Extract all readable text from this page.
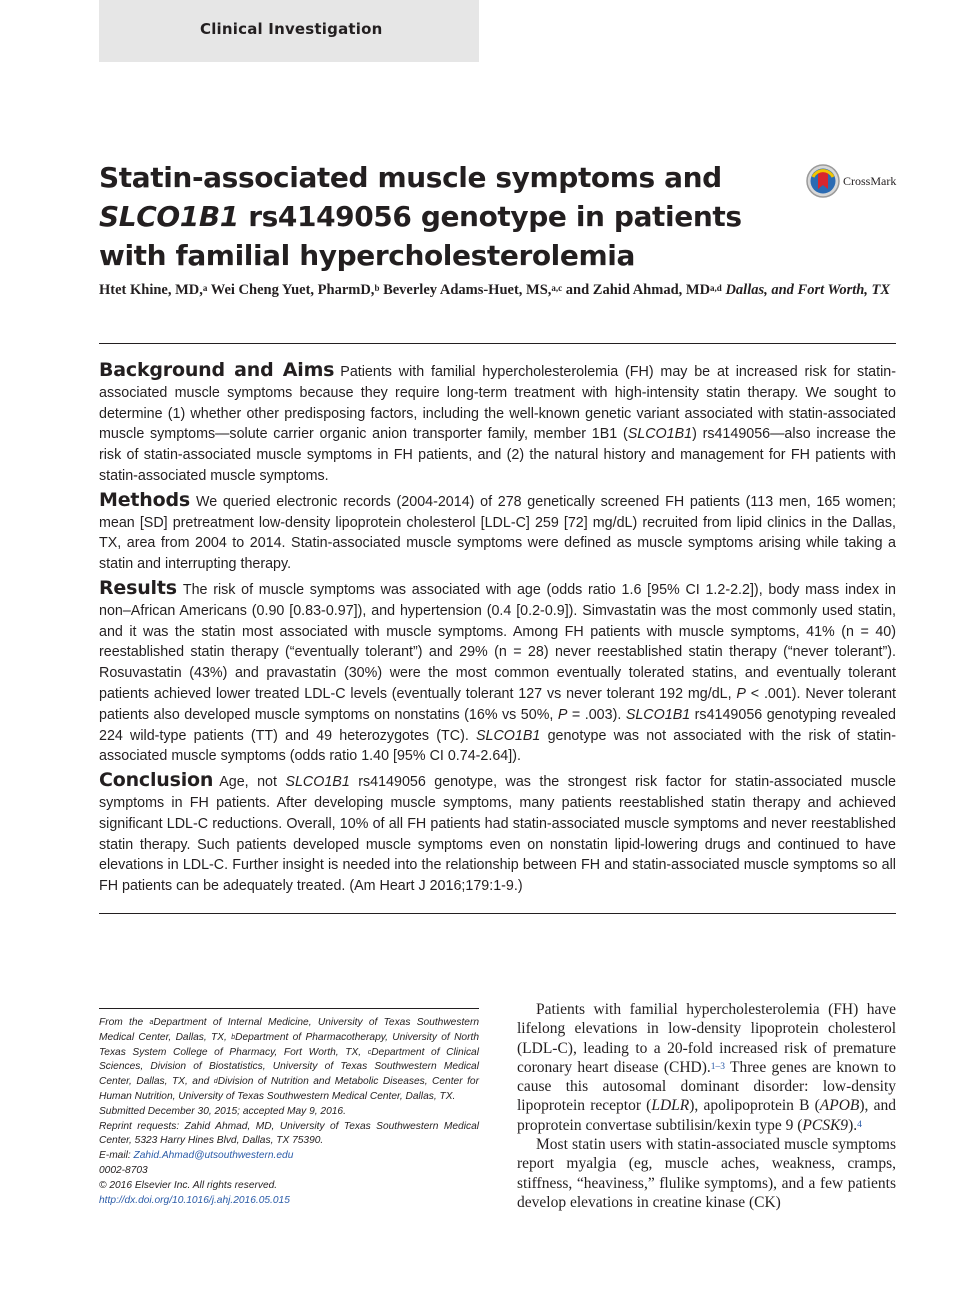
Clinical Investigation
Statin-associated muscle symptoms and SLCO1B1 rs4149056 genotype in patients with familial hypercholesterolemia
CrossMark
Htet Khine, MD,$^a$ Wei Cheng Yuet, PharmD,$^b$ Beverley Adams-Huet, MS,$^{a,c}$ and Zahid Ahmad, MD$^{a,d}$ Dallas, and Fort Worth, TX

Background and Aims Patients with familial hypercholesterolemia (FH) may be at increased risk for statin-associated muscle symptoms because they require long-term treatment with high-intensity statin therapy. We sought to determine (1) whether other predisposing factors, including the well-known genetic variant associated with statin-associated muscle symptoms—solute carrier organic anion transporter family, member 1B1 (SLCO1B1) rs4149056—also increase the risk of statin-associated muscle symptoms in FH patients, and (2) the natural history and management for FH patients with statin-associated muscle symptoms.

Methods We queried electronic records (2004-2014) of 278 genetically screened FH patients (113 men, 165 women; mean [SD] pretreatment low-density lipoprotein cholesterol [LDL-C] 259 [72] mg/dL) recruited from lipid clinics in the Dallas, TX, area from 2004 to 2014. Statin-associated muscle symptoms were defined as muscle symptoms arising while taking a statin and interrupting therapy.

Results The risk of muscle symptoms was associated with age (odds ratio 1.6 [95% CI 1.2-2.2]), body mass index in non–African Americans (0.90 [0.83-0.97]), and hypertension (0.4 [0.2-0.9]). Simvastatin was the most commonly used statin, and it was the statin most associated with muscle symptoms. Among FH patients with muscle symptoms, 41% (n = 40) reestablished statin therapy (“eventually tolerant”) and 29% (n = 28) never reestablished statin therapy (“never tolerant”). Rosuvastatin (43%) and pravastatin (30%) were the most common eventually tolerated statins, and eventually tolerant patients achieved lower treated LDL-C levels (eventually tolerant 127 vs never tolerant 192 mg/dL, P < .001). Never tolerant patients also developed muscle symptoms on nonstatins (16% vs 50%, P = .003). SLCO1B1 rs4149056 genotyping revealed 224 wild-type patients (TT) and 49 heterozygotes (TC). SLCO1B1 genotype was not associated with the risk of statin-associated muscle symptoms (odds ratio 1.40 [95% CI 0.74-2.64]).

Conclusion Age, not SLCO1B1 rs4149056 genotype, was the strongest risk factor for statin-associated muscle symptoms in FH patients. After developing muscle symptoms, many patients reestablished statin therapy and achieved significant LDL-C reductions. Overall, 10% of all FH patients had statin-associated muscle symptoms and never reestablished statin therapy. Such patients developed muscle symptoms even on nonstatin lipid-lowering drugs and continued to have elevations in LDL-C. Further insight is needed into the relationship between FH and statin-associated muscle symptoms so all FH patients can be adequately treated. (Am Heart J 2016;179:1-9.)

From the $^a$Department of Internal Medicine, University of Texas Southwestern Medical Center, Dallas, TX, $^b$Department of Pharmacotherapy, University of North Texas System College of Pharmacy, Fort Worth, TX, $^c$Department of Clinical Sciences, Division of Biostatistics, University of Texas Southwestern Medical Center, Dallas, TX, and $^d$Division of Nutrition and Metabolic Diseases, Center for Human Nutrition, University of Texas Southwestern Medical Center, Dallas, TX.

Submitted December 30, 2015; accepted May 9, 2016.

Reprint requests: Zahid Ahmad, MD, University of Texas Southwestern Medical Center, 5323 Harry Hines Blvd, Dallas, TX 75390.

E-mail: Zahid.Ahmad@utsouthwestern.edu

0002-8703

© 2016 Elsevier Inc. All rights reserved.

http://dx.doi.org/10.1016/j.ahj.2016.05.015

Patients with familial hypercholesterolemia (FH) have lifelong elevations in low-density lipoprotein cholesterol (LDL-C), leading to a 20-fold increased risk of premature coronary heart disease (CHD).$^{1-3}$ Three genes are known to cause this autosomal dominant disorder: low-density lipoprotein receptor (LDLR), apolipoprotein B (APOB), and proprotein convertase subtilisin/kexin type 9 (PCSK9).$^4$

Most statin users with statin-associated muscle symptoms report myalgia (eg, muscle aches, weakness, cramps, stiffness, “heaviness,” flulike symptoms), and a few patients develop elevations in creatine kinase (CK)
